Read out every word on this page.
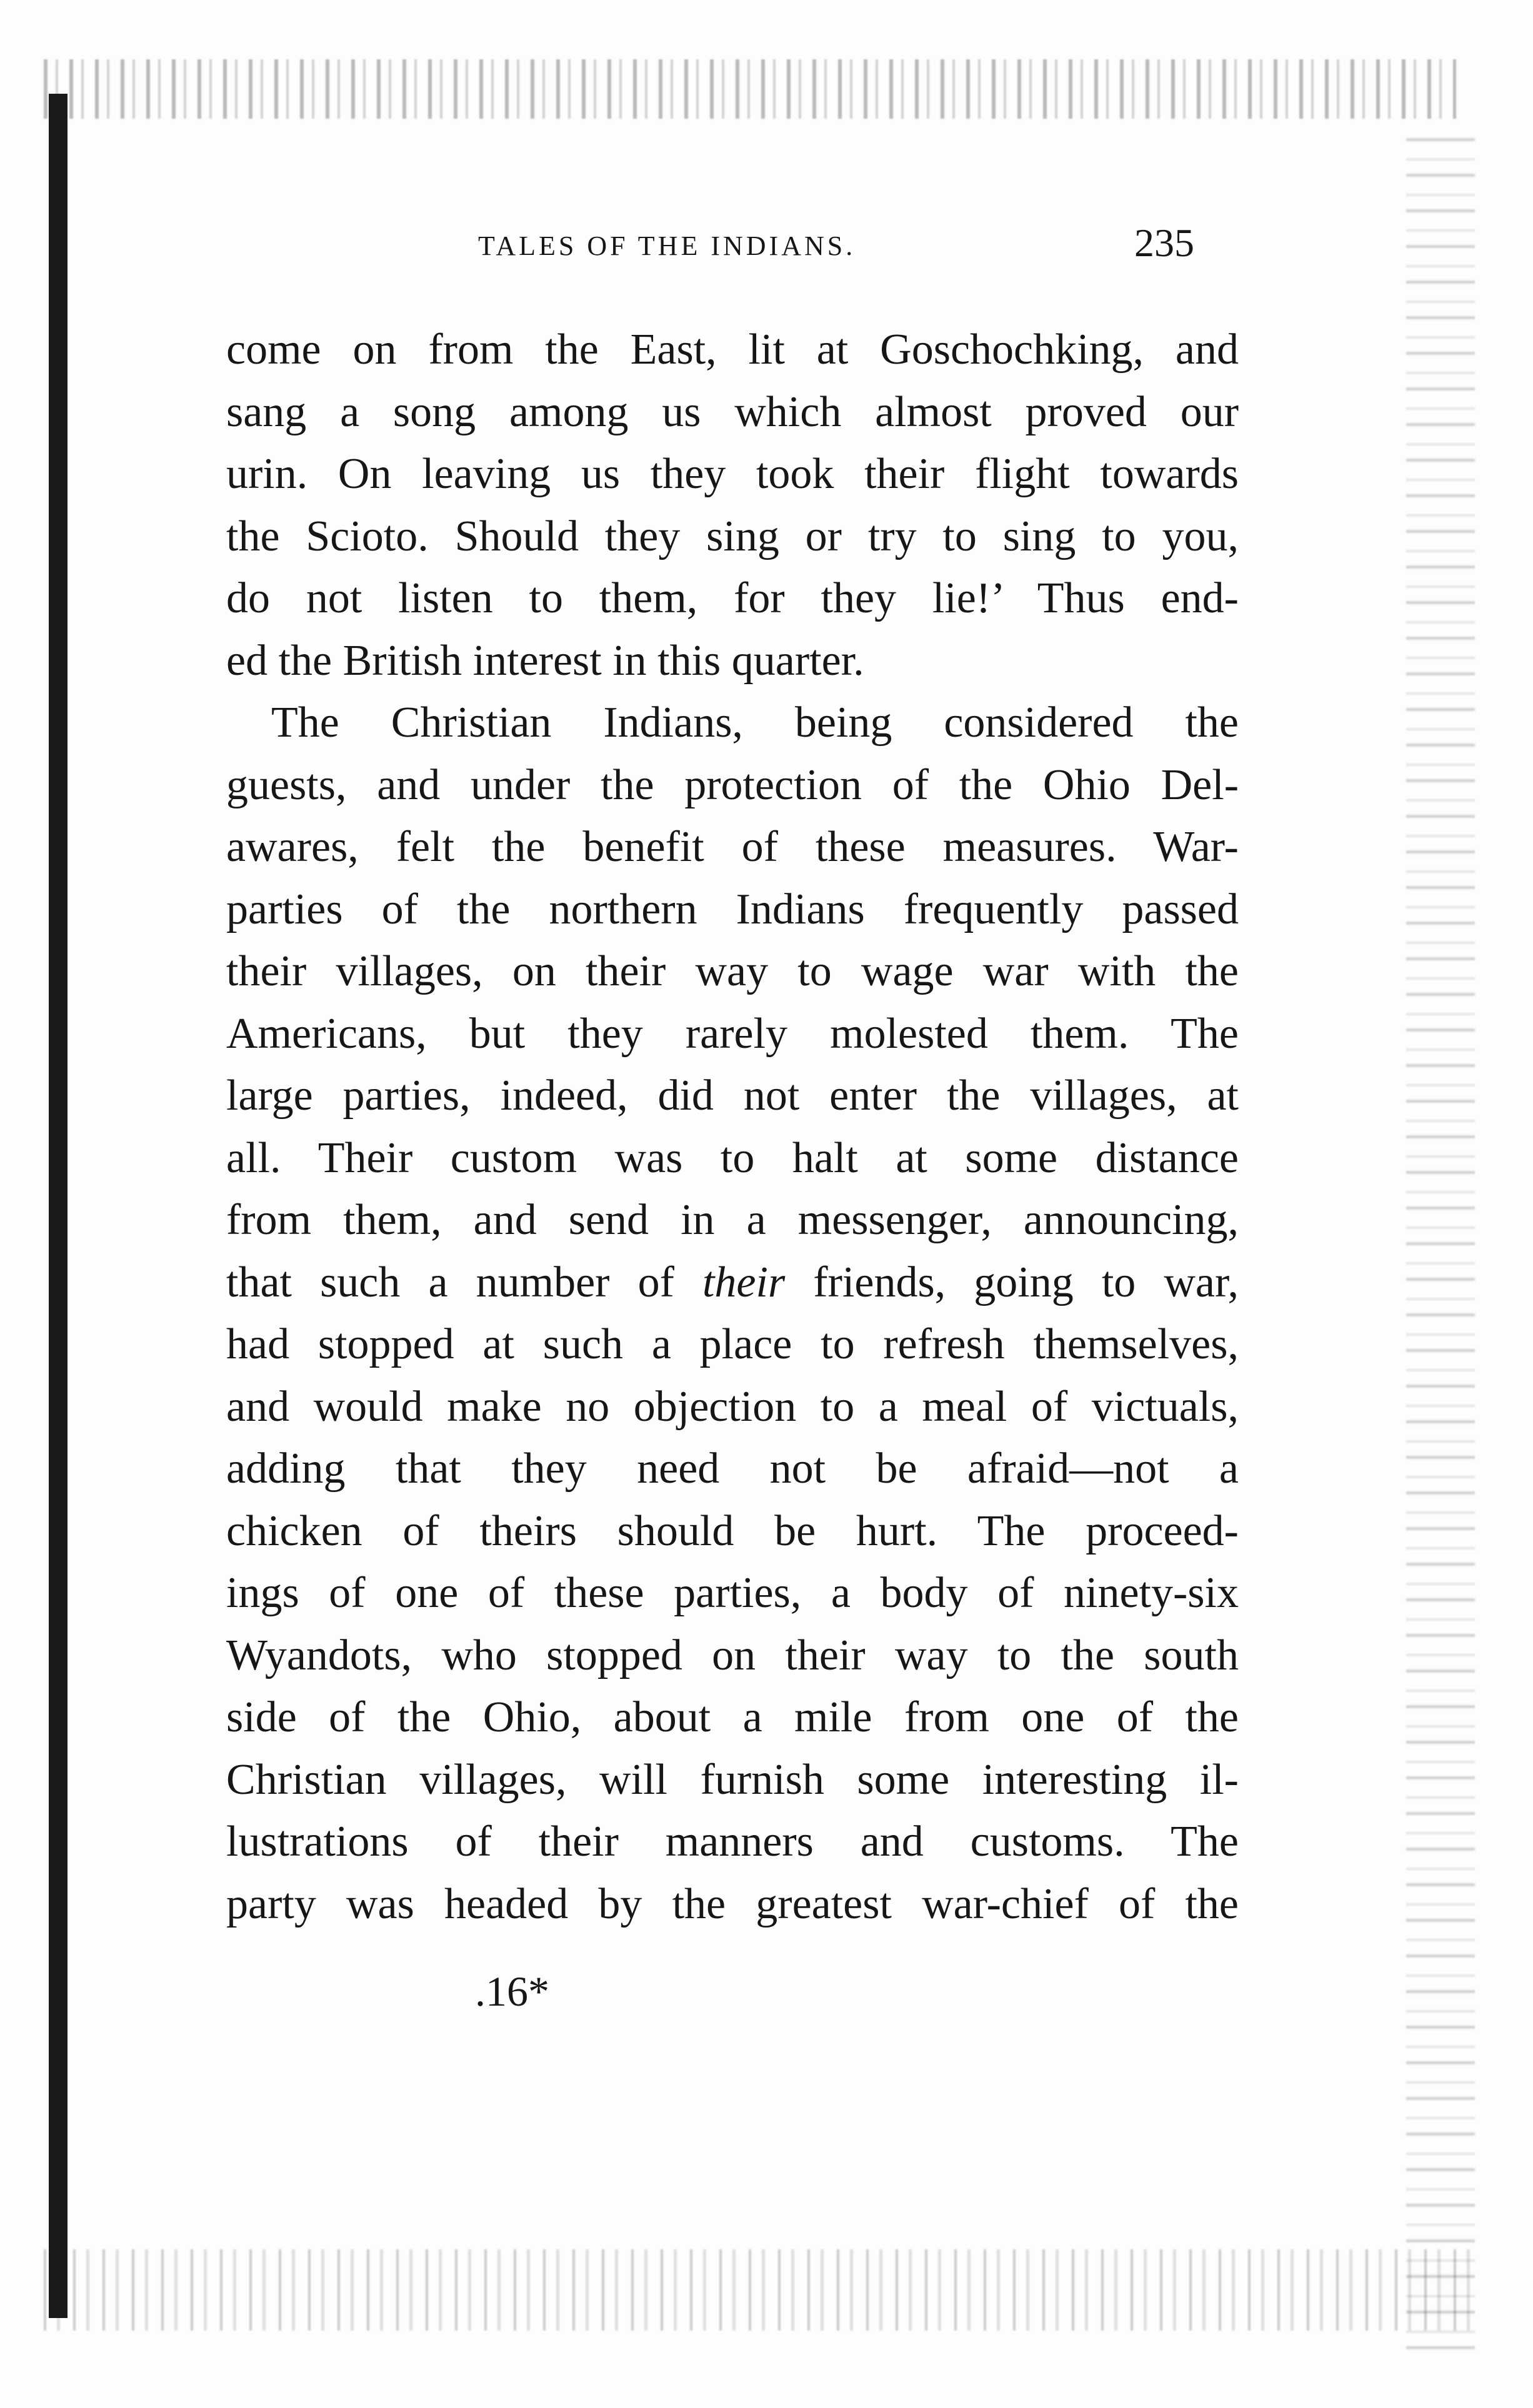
TALES OF THE INDIANS.	235
come on from the East, lit at Goschochking, and
sang a song among us which almost proved our
urin. On leaving us they took their flight towards
the Scioto. Should they sing or try to sing to you,
do not listen to them, for they lie!’ Thus end-
ed the British interest in this quarter.
The Christian Indians, being considered the
guests, and under the protection of the Ohio Del-
awares, felt the benefit of these measures. War-
parties of the northern Indians frequently passed
their villages, on their way to wage war with the
Americans, but they rarely molested them. The
large parties, indeed, did not enter the villages, at
all. Their custom was to halt at some distance
from them, and send in a messenger, announcing,
that such a number of their friends, going to war,
had stopped at such a place to refresh themselves,
and would make no objection to a meal of victuals,
adding that they need not be afraid—not a
chicken of theirs should be hurt. The proceed-
ings of one of these parties, a body of ninety-six
Wyandots, who stopped on their way to the south
side of the Ohio, about a mile from one of the
Christian villages, will furnish some interesting il-
lustrations of their manners and customs. The
party was headed by the greatest war-chief of the
.16*
